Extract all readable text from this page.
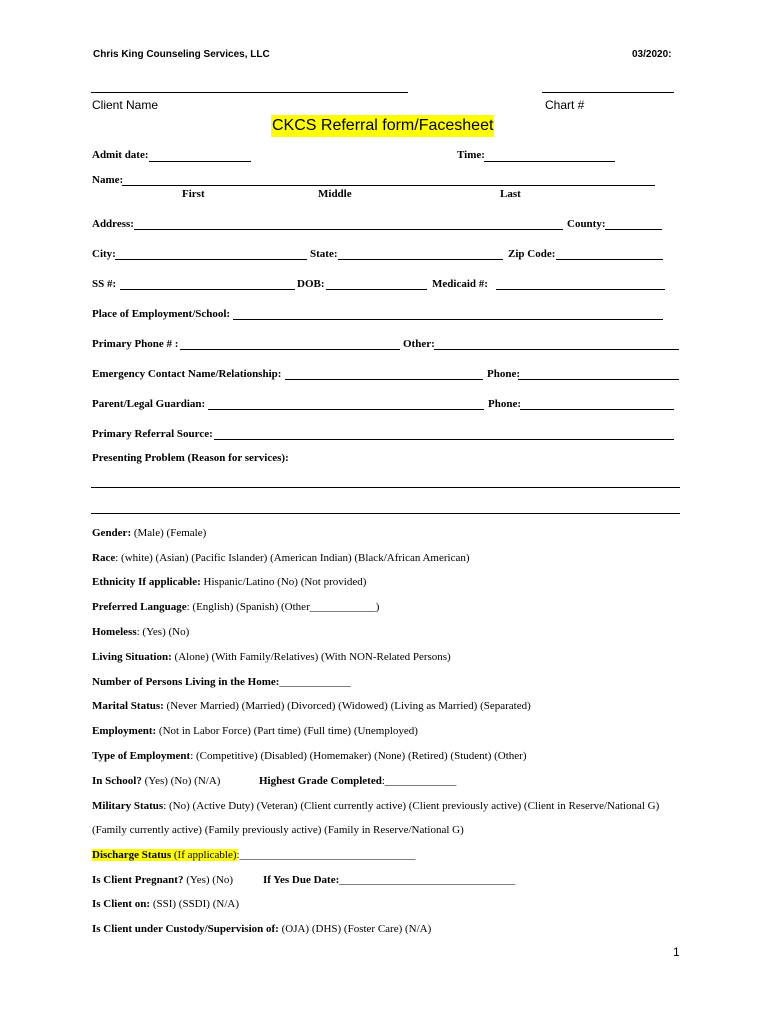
Chris King Counseling Services, LLC	03/2020:
Client Name	Chart #
CKCS Referral form/Facesheet
Admit date:	Time:
Name:
First	Middle	Last
Address:	County:
City:	State:	Zip Code:
SS #:	DOB:	Medicaid #:
Place of Employment/School:
Primary Phone # :	Other:
Emergency Contact Name/Relationship:	Phone:
Parent/Legal Guardian:	Phone:
Primary Referral Source:
Presenting Problem (Reason for services):
Gender: (Male) (Female)
Race: (white) (Asian) (Pacific Islander) (American Indian) (Black/African American)
Ethnicity If applicable: Hispanic/Latino (No) (Not provided)
Preferred Language: (English) (Spanish) (Other____________)
Homeless: (Yes) (No)
Living Situation: (Alone) (With Family/Relatives) (With NON-Related Persons)
Number of Persons Living in the Home:_____________
Marital Status: (Never Married) (Married) (Divorced) (Widowed) (Living as Married) (Separated)
Employment: (Not in Labor Force) (Part time) (Full time) (Unemployed)
Type of Employment: (Competitive) (Disabled) (Homemaker) (None) (Retired) (Student) (Other)
In School? (Yes) (No) (N/A)	Highest Grade Completed:_____________
Military Status: (No) (Active Duty) (Veteran) (Client currently active) (Client previously active) (Client in Reserve/National G)
(Family currently active) (Family previously active) (Family in Reserve/National G)
Discharge Status (If applicable):________________________________
Is Client Pregnant? (Yes) (No)	If Yes Due Date:________________________________
Is Client on: (SSI) (SSDI) (N/A)
Is Client under Custody/Supervision of: (OJA) (DHS) (Foster Care) (N/A)
1
